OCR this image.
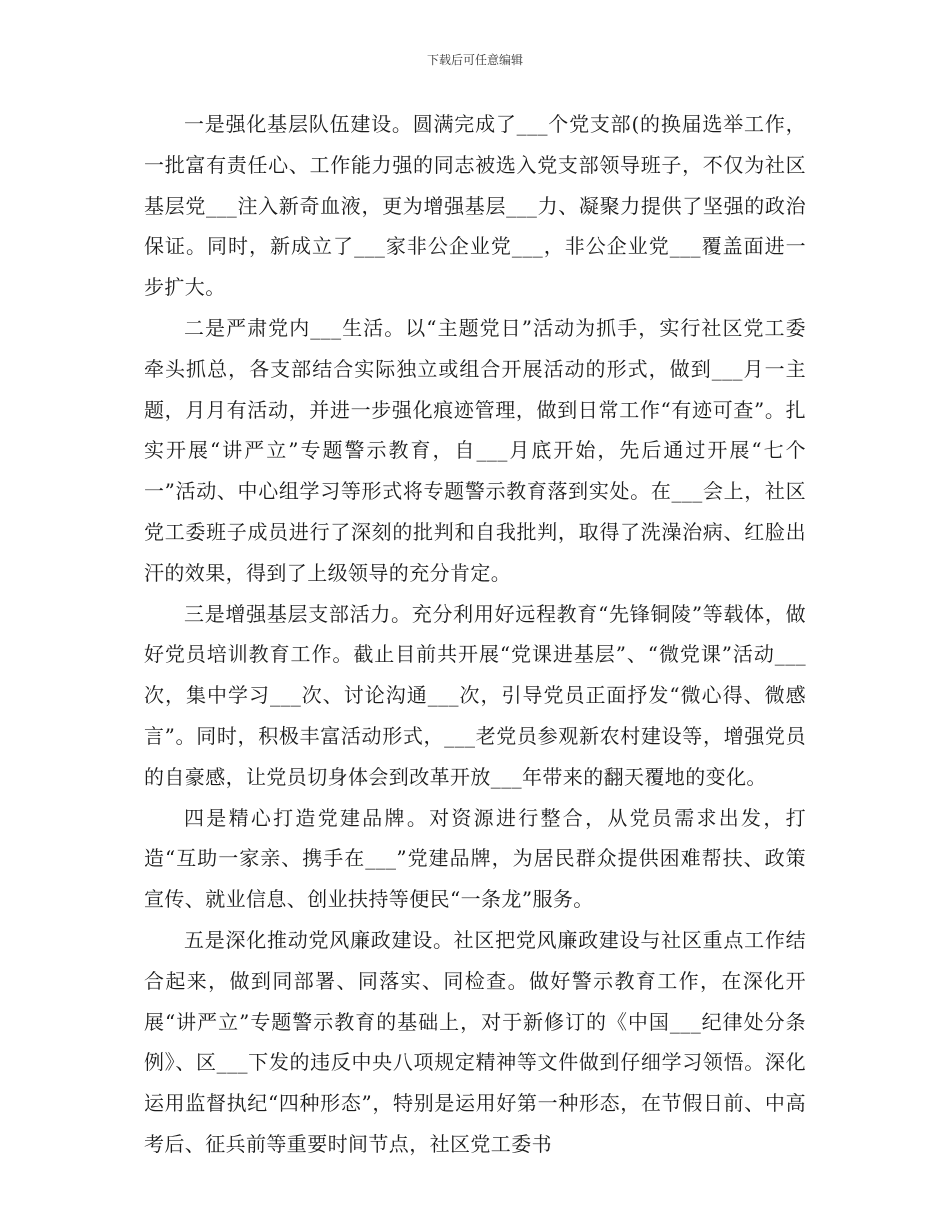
下载后可任意编辑

一是强化基层队伍建设。圆满完成了___个党支部(的换届选举工作，一批富有责任心、工作能力强的同志被选入党支部领导班子，不仅为社区基层党___注入新奇血液，更为增强基层___力、凝聚力提供了坚强的政治保证。同时，新成立了___家非公企业党___，非公企业党___覆盖面进一步扩大。

二是严肃党内___生活。以“主题党日”活动为抓手，实行社区党工委牵头抓总，各支部结合实际独立或组合开展活动的形式，做到___月一主题，月月有活动，并进一步强化痕迹管理，做到日常工作“有迹可查”。扎实开展“讲严立”专题警示教育，自___月底开始，先后通过开展“七个一”活动、中心组学习等形式将专题警示教育落到实处。在___会上，社区党工委班子成员进行了深刻的批判和自我批判，取得了洗澡治病、红脸出汗的效果，得到了上级领导的充分肯定。

三是增强基层支部活力。充分利用好远程教育“先锋铜陵”等载体，做好党员培训教育工作。截止目前共开展“党课进基层”、“微党课”活动___次，集中学习___次、讨论沟通___次，引导党员正面抒发“微心得、微感言”。同时，积极丰富活动形式，___老党员参观新农村建设等，增强党员的自豪感，让党员切身体会到改革开放___年带来的翻天覆地的变化。

四是精心打造党建品牌。对资源进行整合，从党员需求出发，打造“互助一家亲、携手在___”党建品牌，为居民群众提供困难帮扶、政策宣传、就业信息、创业扶持等便民“一条龙”服务。

五是深化推动党风廉政建设。社区把党风廉政建设与社区重点工作结合起来，做到同部署、同落实、同检查。做好警示教育工作，在深化开展“讲严立”专题警示教育的基础上，对于新修订的《中国___纪律处分条例》、区___下发的违反中央八项规定精神等文件做到仔细学习领悟。深化运用监督执纪“四种形态”，特别是运用好第一种形态，在节假日前、中高考后、征兵前等重要时间节点，社区党工委书
